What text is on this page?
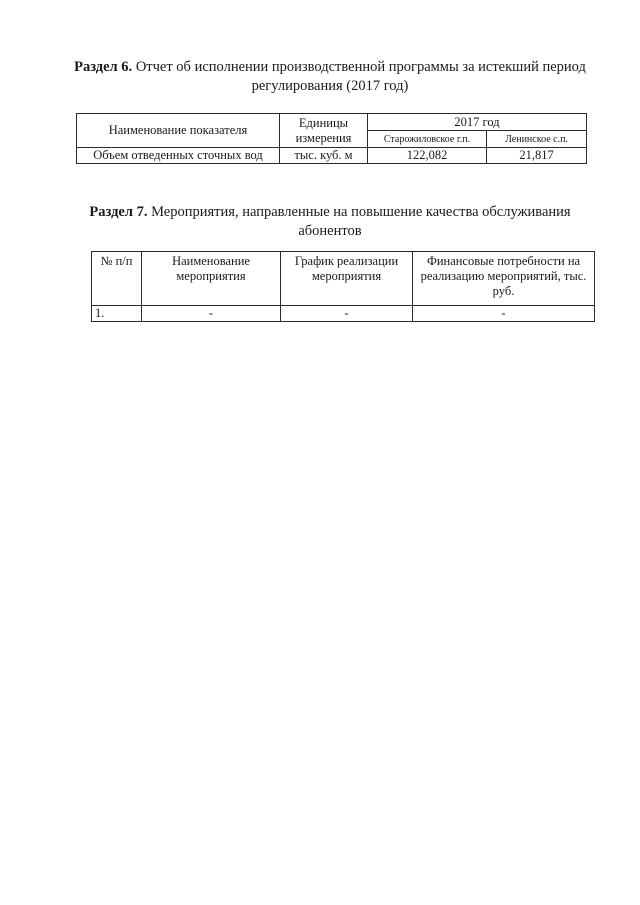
Раздел 6. Отчет об исполнении производственной программы за истекший период регулирования (2017 год)
Наименование показателя	Единицы измерения	2017 год	
		Старожиловское г.п.	Ленинское с.п.
Объем отведенных сточных вод	тыс. куб. м	122,082	21,817
Раздел 7. Мероприятия, направленные на повышение качества обслуживания абонентов
№ п/п	Наименование мероприятия	График реализации мероприятия	Финансовые потребности на реализацию мероприятий, тыс. руб.
1.	-	-	-
